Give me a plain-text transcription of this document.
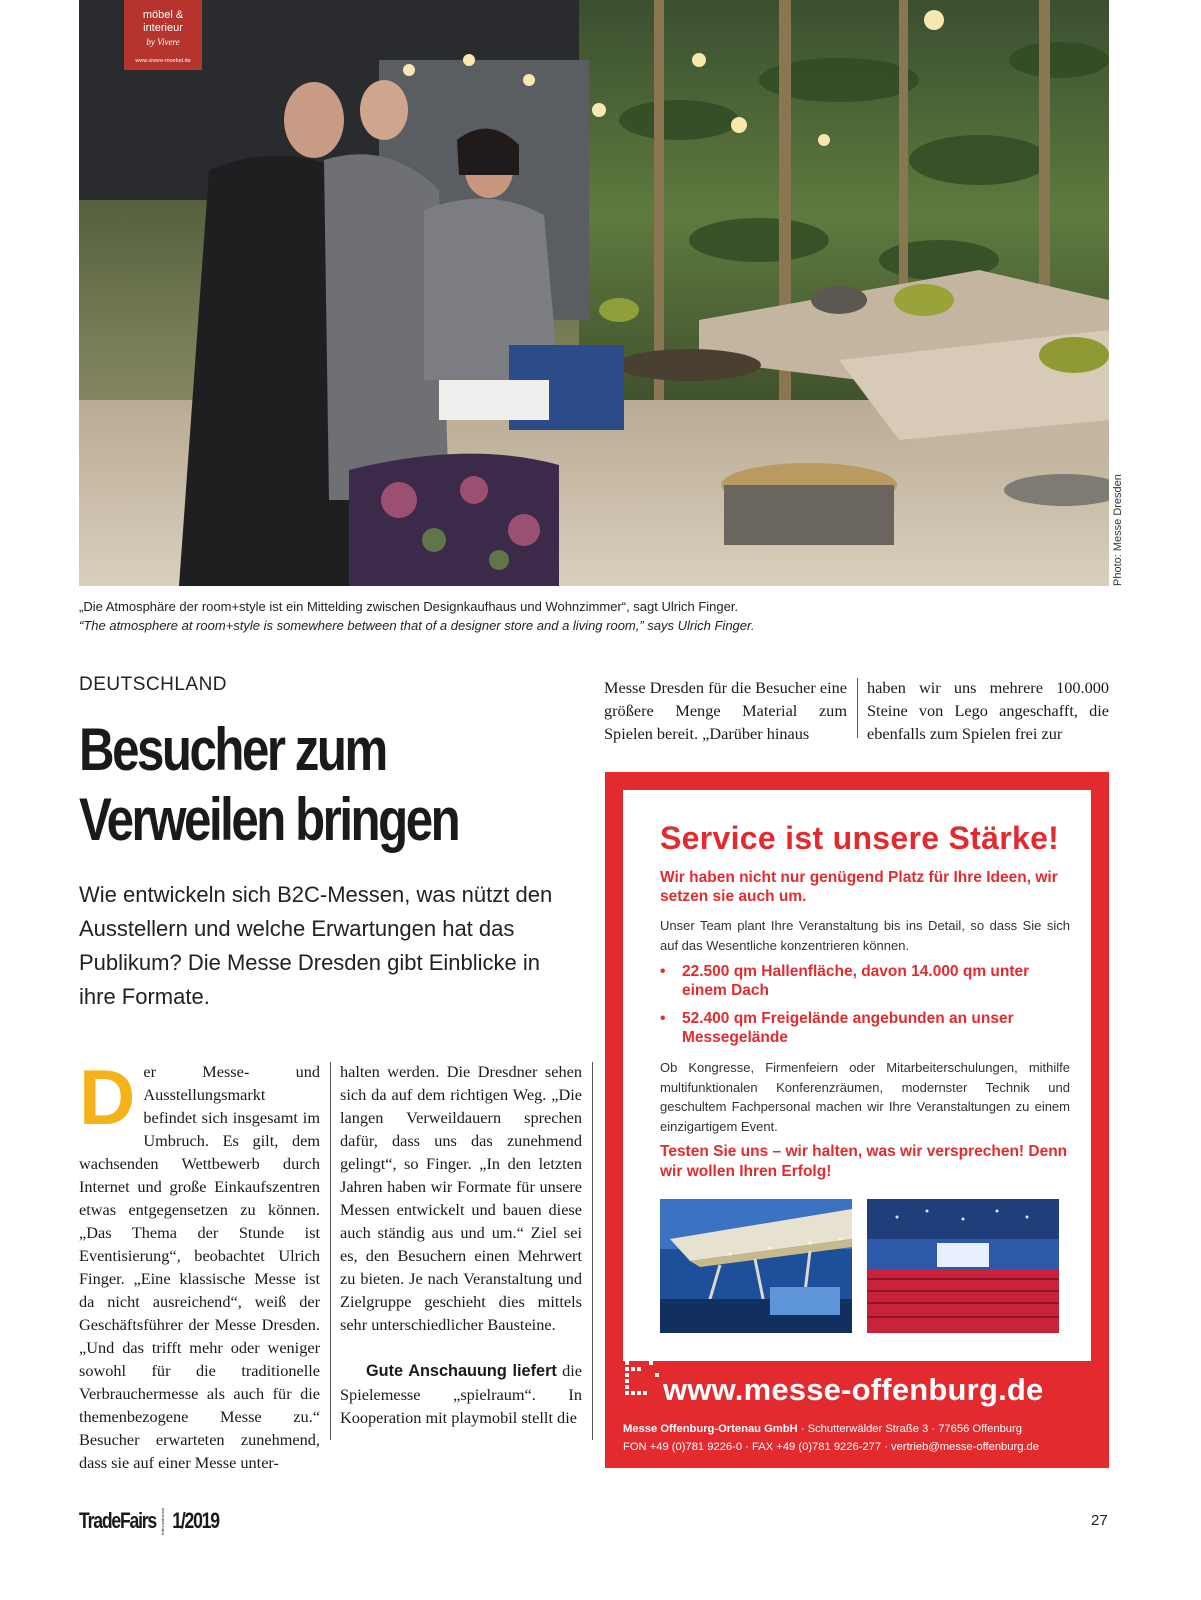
möbel &
interieur
by Vivere
www.vivere-moebel.de
Photo: Messe Dresden
„Die Atmosphäre der room+style ist ein Mittelding zwischen Designkaufhaus und Wohnzimmer“, sagt Ulrich Finger.
“The atmosphere at room+style is somewhere between that of a designer store and a living room,” says Ulrich Finger.
DEUTSCHLAND
Besucher zum
Verweilen bringen
Wie entwickeln sich B2C-Messen, was nützt den Ausstellern und welche Erwartungen hat das Publikum? Die Messe Dresden gibt Einblicke in ihre Formate.
D er Messe- und Ausstellungsmarkt befindet sich insgesamt im Umbruch. Es gilt, dem wachsenden Wettbewerb durch Internet und große Einkaufszentren etwas entgegensetzen zu können. „Das Thema der Stunde ist Eventisierung“, beobachtet Ulrich Finger. „Eine klassische Messe ist da nicht ausreichend“, weiß der Geschäftsführer der Messe Dresden. „Und das trifft mehr oder weniger sowohl für die traditionelle Verbrauchermesse als auch für die themenbezogene Messe zu.“ Besucher erwarteten zunehmend, dass sie auf einer Messe unter-

halten werden. Die Dresdner sehen sich da auf dem richtigen Weg. „Die langen Verweildauern sprechen dafür, dass uns das zunehmend gelingt“, so Finger. „In den letzten Jahren haben wir Formate für unsere Messen entwickelt und bauen diese auch ständig aus und um.“ Ziel sei es, den Besuchern einen Mehrwert zu bieten. Je nach Veranstaltung und Zielgruppe geschieht dies mittels sehr unterschiedlicher Bausteine.

Gute Anschauung liefert die Spielemesse „spielraum“. In Kooperation mit playmobil stellt die

Messe Dresden für die Besucher eine größere Menge Material zum Spielen bereit. „Darüber hinaus
haben wir uns mehrere 100.000 Steine von Lego angeschafft, die ebenfalls zum Spielen frei zur
Service ist unsere Stärke!
Wir haben nicht nur genügend Platz für Ihre Ideen, wir setzen sie auch um.
Unser Team plant Ihre Veranstaltung bis ins Detail, so dass Sie sich auf das Wesentliche konzentrieren können.
• 22.500 qm Hallenfläche, davon 14.000 qm unter einem Dach
• 52.400 qm Freigelände angebunden an unser Messegelände
Ob Kongresse, Firmenfeiern oder Mitarbeiterschulungen, mithilfe multifunktionalen Konferenzräumen, modernster Technik und geschultem Fachpersonal machen wir Ihre Veranstaltungen zu einem einzigartigem Event.
Testen Sie uns – wir halten, was wir versprechen! Denn wir wollen Ihren Erfolg!
www.messe-offenburg.de
Messe Offenburg-Ortenau GmbH · Schutterwälder Straße 3 · 77656 Offenburg
FON +49 (0)781 9226-0 · FAX +49 (0)781 9226-277 · vertrieb@messe-offenburg.de
TradeFairs International 1/2019	27
